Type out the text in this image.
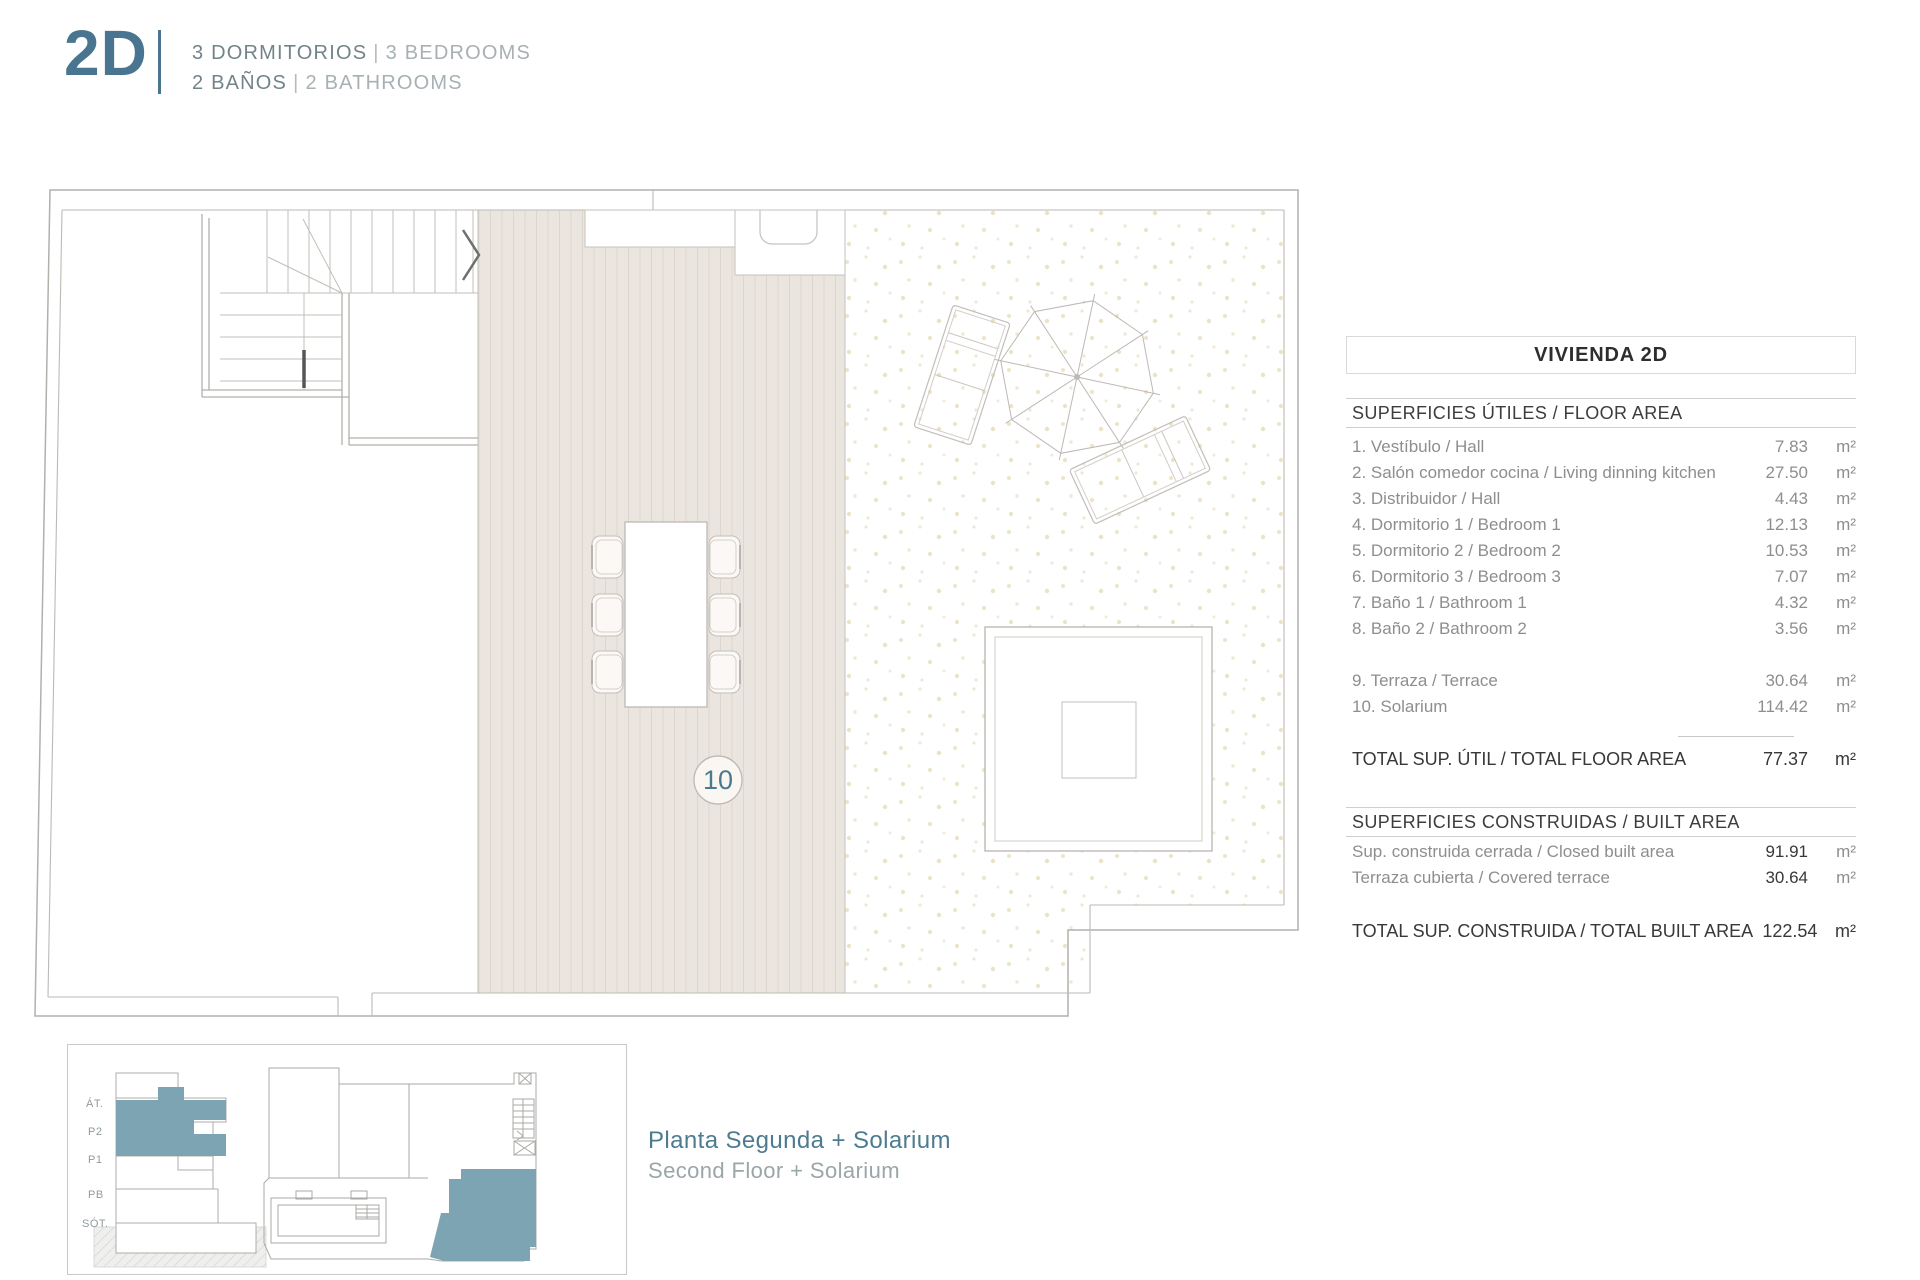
2D 3 DORMITORIOS | 3 BEDROOMS
2 BAÑOS | 2 BATHROOMS
10
VIVIENDA 2D
SUPERFICIES ÚTILES / FLOOR AREA
1. Vestíbulo / Hall	7.83	m²
2. Salón comedor cocina / Living dinning kitchen	27.50	m²
3. Distribuidor / Hall	4.43	m²
4. Dormitorio 1 / Bedroom 1	12.13	m²
5. Dormitorio 2 / Bedroom 2	10.53	m²
6. Dormitorio 3 / Bedroom 3	7.07	m²
7. Baño 1 / Bathroom 1	4.32	m²
8. Baño 2 / Bathroom 2	3.56	m²
9. Terraza / Terrace	30.64	m²
10. Solarium	114.42	m²
TOTAL SUP. ÚTIL / TOTAL FLOOR AREA	77.37	m²
SUPERFICIES CONSTRUIDAS / BUILT AREA
Sup. construida cerrada / Closed built area	91.91	m²
Terraza cubierta / Covered terrace	30.64	m²
TOTAL SUP. CONSTRUIDA / TOTAL BUILT AREA 122.54 m²
ÁT.
P2
P1
PB
SÓT.
Planta Segunda + Solarium
Second Floor + Solarium
